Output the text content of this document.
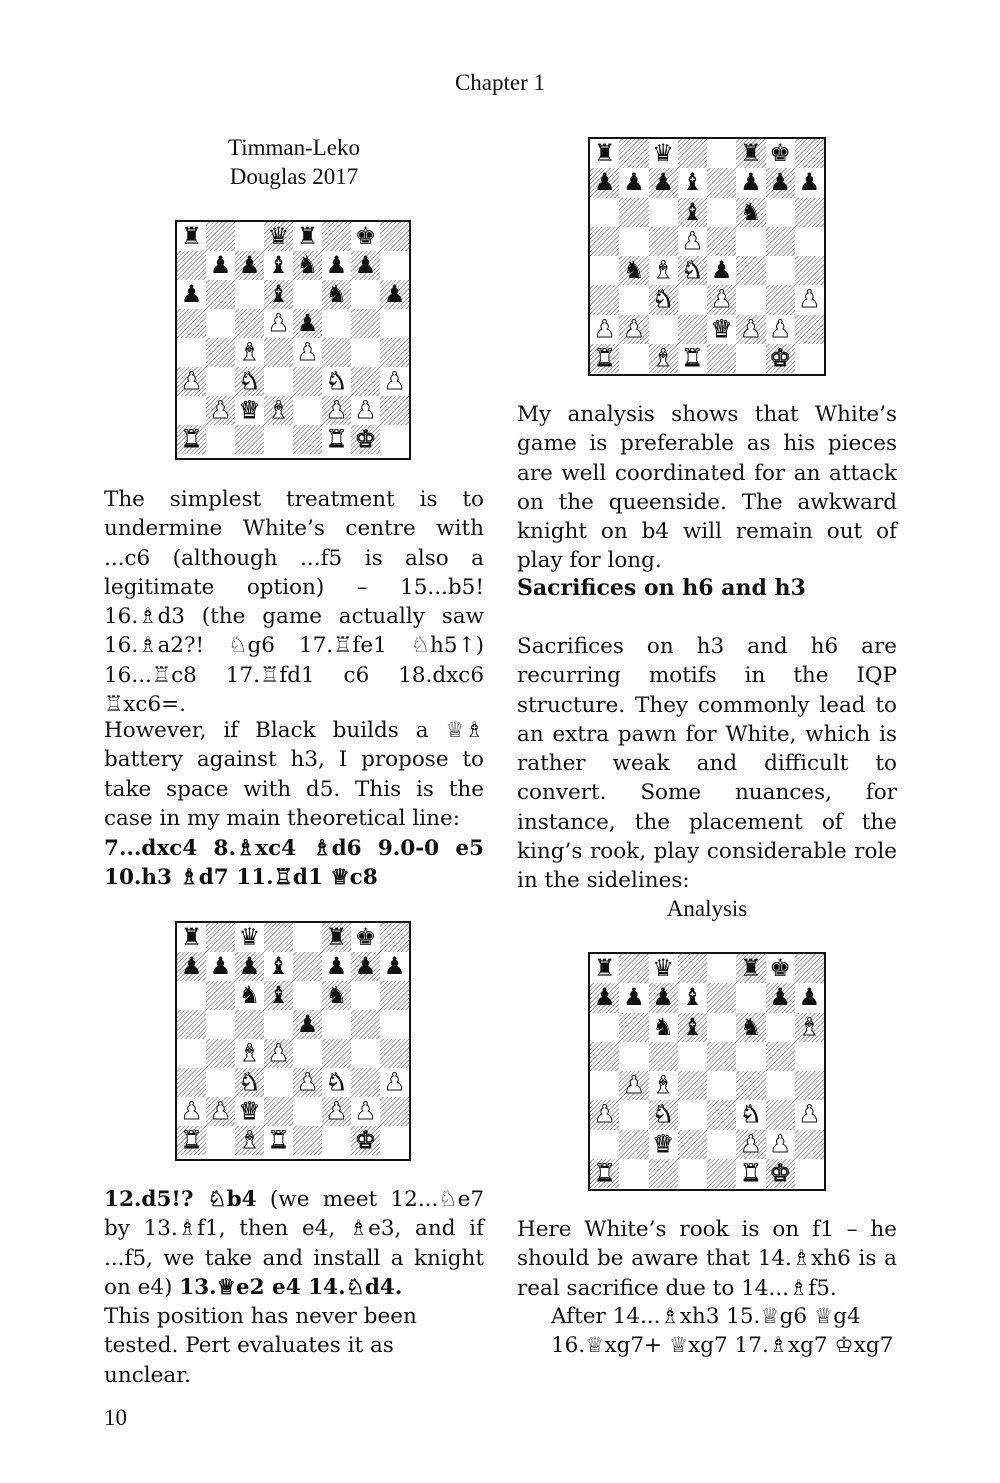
Chapter 1
Timman-Leko
Douglas 2017
♜	♛ ♜ ♚
♟ ♟ ♝ ♞ ♟ ♟
♟	♝ ♞ ♟
♟ ♟
♝ ♟
♟ ♞	♞ ♟
♟ ♛ ♝ ♟ ♟
♜	♜ ♚
The simplest treatment is to undermine White’s centre with ...c6 (although ...f5 is also a legitimate option) – 15...b5! 16.♗d3 (the game actually saw 16.♗a2?! ♘g6 17.♖fe1 ♘h5↑) 16...♖c8 17.♖fd1 c6 18.dxc6 ♖xc6=.
However, if Black builds a ♕♗ battery against h3, I propose to take space with d5. This is the case in my main theoretical line:
7...dxc4 8.♗xc4 ♗d6 9.0-0 e5 10.h3 ♗d7 11.♖d1 ♕c8
♜ ♛	♜ ♚
♟ ♟ ♟ ♝ ♟ ♟ ♟
♞ ♝ ♞
♟
♝ ♟
♞ ♟ ♞ ♟
♟ ♟ ♛	♟ ♟
♜ ♝ ♜	♚
12.d5!? ♘b4 (we meet 12...♘e7 by 13.♗f1, then e4, ♗e3, and if ...f5, we take and install a knight on e4) 13.♕e2 e4 14.♘d4.
This position has never been tested. Pert evaluates it as unclear.
♜ ♛	♜ ♚
♟ ♟ ♟ ♝ ♟ ♟ ♟
♝ ♞
♟
♞ ♝ ♞ ♟
♞ ♟	♟
♟ ♟	♛ ♟ ♟
♜ ♝ ♜	♚
My analysis shows that White’s game is preferable as his pieces are well coordinated for an attack on the queenside. The awkward knight on b4 will remain out of play for long.
Sacrifices on h6 and h3
Sacrifices on h3 and h6 are recurring motifs in the IQP structure. They commonly lead to an extra pawn for White, which is rather weak and difficult to convert. Some nuances, for instance, the placement of the king’s rook, play considerable role in the sidelines:
Analysis
♜ ♛	♜ ♚
♟ ♟ ♟ ♝	♟ ♟
♞ ♝ ♞ ♝
♟ ♝
♟ ♞	♞ ♟
♛	♟ ♟
♜	♜ ♚
Here White’s rook is on f1 – he should be aware that 14.♗xh6 is a real sacrifice due to 14...♗f5.
After 14...♗xh3 15.♕g6 ♕g4
16.♕xg7+ ♕xg7 17.♗xg7 ♔xg7
10
